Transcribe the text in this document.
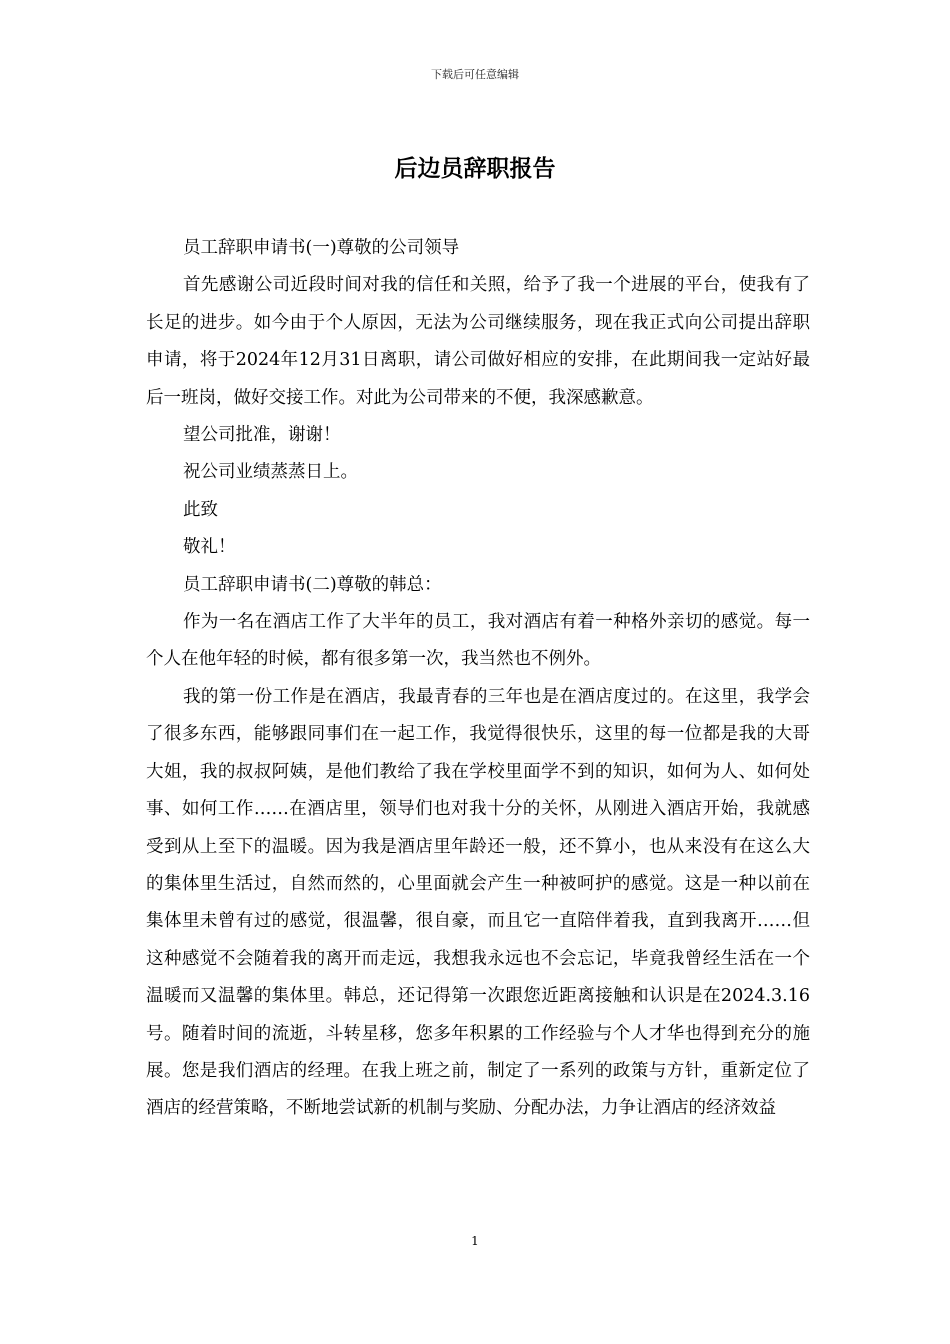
下载后可任意编辑
后边员辞职报告

员工辞职申请书(一)尊敬的公司领导

首先感谢公司近段时间对我的信任和关照，给予了我一个进展的平台，使我有了长足的进步。如今由于个人原因，无法为公司继续服务，现在我正式向公司提出辞职申请，将于2024年12月31日离职，请公司做好相应的安排，在此期间我一定站好最后一班岗，做好交接工作。对此为公司带来的不便，我深感歉意。

望公司批准，谢谢！

祝公司业绩蒸蒸日上。

此致

敬礼！

员工辞职申请书(二)尊敬的韩总：

作为一名在酒店工作了大半年的员工，我对酒店有着一种格外亲切的感觉。每一个人在他年轻的时候，都有很多第一次，我当然也不例外。

我的第一份工作是在酒店，我最青春的三年也是在酒店度过的。在这里，我学会了很多东西，能够跟同事们在一起工作，我觉得很快乐，这里的每一位都是我的大哥大姐，我的叔叔阿姨，是他们教给了我在学校里面学不到的知识，如何为人、如何处事、如何工作……在酒店里，领导们也对我十分的关怀，从刚进入酒店开始，我就感受到从上至下的温暖。因为我是酒店里年龄还一般，还不算小，也从来没有在这么大的集体里生活过，自然而然的，心里面就会产生一种被呵护的感觉。这是一种以前在集体里未曾有过的感觉，很温馨，很自豪，而且它一直陪伴着我，直到我离开……但这种感觉不会随着我的离开而走远，我想我永远也不会忘记，毕竟我曾经生活在一个温暖而又温馨的集体里。韩总，还记得第一次跟您近距离接触和认识是在2024.3.16号。随着时间的流逝，斗转星移，您多年积累的工作经验与个人才华也得到充分的施展。您是我们酒店的经理。在我上班之前，制定了一系列的政策与方针，重新定位了酒店的经营策略，不断地尝试新的机制与奖励、分配办法，力争让酒店的经济效益

1
